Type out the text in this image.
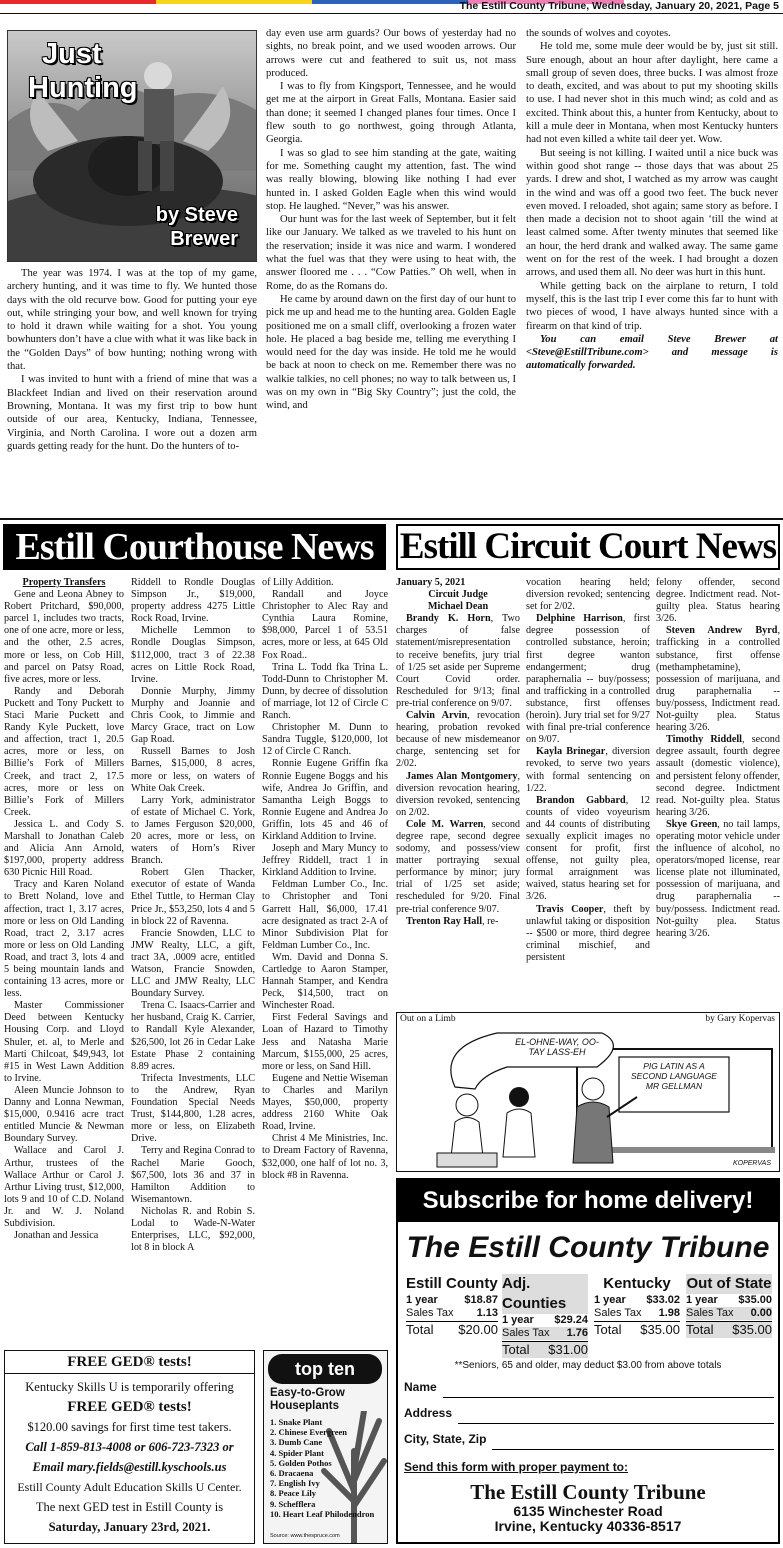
The Estill County Tribune, Wednesday, January 20, 2021, Page 5
Just
Hunting
by Steve
Brewer

The year was 1974. I was at the top of my game, archery hunting, and it was time to fly. We hunted those days with the old recurve bow. Good for putting your eye out, while stringing your bow, and well known for trying to hold it drawn while waiting for a shot. You young bowhunters don’t have a clue with what it was like back in the “Golden Days” of bow hunting; nothing wrong with that.

I was invited to hunt with a friend of mine that was a Blackfeet Indian and lived on their reservation around Browning, Montana. It was my first trip to bow hunt outside of our area, Kentucky, Indiana, Tennessee, Virginia, and North Carolina. I wore out a dozen arm guards getting ready for the hunt. Do the hunters of to-

day even use arm guards? Our bows of yesterday had no sights, no break point, and we used wooden arrows. Our arrows were cut and feathered to suit us, not mass produced.

I was to fly from Kingsport, Tennessee, and he would get me at the airport in Great Falls, Montana. Easier said than done; it seemed I changed planes four times. Once I flew south to go northwest, going through Atlanta, Georgia.

I was so glad to see him standing at the gate, waiting for me. Something caught my attention, fast. The wind was really blowing, blowing like nothing I had ever hunted in. I asked Golden Eagle when this wind would stop. He laughed. “Never,” was his answer.

Our hunt was for the last week of September, but it felt like our January. We talked as we traveled to his hunt on the reservation; inside it was nice and warm. I wondered what the fuel was that they were using to heat with, the answer floored me . . . “Cow Patties.” Oh well, when in Rome, do as the Romans do.

He came by around dawn on the first day of our hunt to pick me up and head me to the hunting area. Golden Eagle positioned me on a small cliff, overlooking a frozen water hole. He placed a bag beside me, telling me everything I would need for the day was inside. He told me he would be back at noon to check on me. Remember there was no walkie talkies, no cell phones; no way to talk between us, I was on my own in “Big Sky Country”; just the cold, the wind, and

the sounds of wolves and coyotes.

He told me, some mule deer would be by, just sit still. Sure enough, about an hour after daylight, here came a small group of seven does, three bucks. I was almost froze to death, excited, and was about to put my shooting skills to use. I had never shot in this much wind; as cold and as excited. Think about this, a hunter from Kentucky, about to kill a mule deer in Montana, when most Kentucky hunters had not even killed a white tail deer yet. Wow.

But seeing is not killing. I waited until a nice buck was within good shot range -- those days that was about 25 yards. I drew and shot, I watched as my arrow was caught in the wind and was off a good two feet. The buck never even moved. I reloaded, shot again; same story as before. I then made a decision not to shoot again ‘till the wind at least calmed some. After twenty minutes that seemed like an hour, the herd drank and walked away. The same game went on for the rest of the week. I had brought a dozen arrows, and used them all. No deer was hurt in this hunt.

While getting back on the airplane to return, I told myself, this is the last trip I ever come this far to hunt with two pieces of wood, I have always hunted since with a firearm on that kind of trip.

You can email Steve Brewer at <Steve@EstillTribune.com> and message is automatically forwarded.

Estill Courthouse News Estill Circuit Court News
Property Transfers

Gene and Leona Abney to Robert Pritchard, $90,000, parcel 1, includes two tracts, one of one acre, more or less, and the other, 2.5 acres, more or less, on Cob Hill, and parcel on Patsy Road, five acres, more or less.

Randy and Deborah Puckett and Tony Puckett to Staci Marie Puckett and Randy Kyle Puckett, love and affection, tract 1, 20.5 acres, more or less, on Billie’s Fork of Millers Creek, and tract 2, 17.5 acres, more or less on Billie’s Fork of Millers Creek.

Jessica L. and Cody S. Marshall to Jonathan Caleb and Alicia Ann Arnold, $197,000, property address 630 Picnic Hill Road.

Tracy and Karen Noland to Brett Noland, love and affection, tract 1, 3.17 acres, more or less on Old Landing Road, tract 2, 3.17 acres more or less on Old Landing Road, and tract 3, lots 4 and 5 being mountain lands and containing 13 acres, more or less.

Master Commissioner Deed between Kentucky Housing Corp. and Lloyd Shuler, et. al, to Merle and Marti Chilcoat, $49,943, lot #15 in West Lawn Addition to Irvine.

Aleen Muncie Johnson to Danny and Lonna Newman, $15,000, 0.9416 acre tract entitled Muncie & Newman Boundary Survey.

Wallace and Carol J. Arthur, trustees of the Wallace Arthur or Carol J. Arthur Living trust, $12,000, lots 9 and 10 of C.D. Noland Jr. and W. J. Noland Subdivision.

Jonathan and Jessica

Riddell to Rondle Douglas Simpson Jr., $19,000, property address 4275 Little Rock Road, Irvine.

Michelle Lemmon to Rondle Douglas Simpson, $112,000, tract 3 of 22.38 acres on Little Rock Road, Irvine.

Donnie Murphy, Jimmy Murphy and Joannie and Chris Cook, to Jimmie and Marcy Grace, tract on Low Gap Road.

Russell Barnes to Josh Barnes, $15,000, 8 acres, more or less, on waters of White Oak Creek.

Larry York, administrator of estate of Michael C. York, to James Ferguson $20,000, 20 acres, more or less, on waters of Horn’s River Branch.

Robert Glen Thacker, executor of estate of Wanda Ethel Tuttle, to Herman Clay Price Jr., $53,250, lots 4 and 5 in block 22 of Ravenna.

Francie Snowden, LLC to JMW Realty, LLC, a gift, tract 3A, .0009 acre, entitled Watson, Francie Snowden, LLC and JMW Realty, LLC Boundary Survey.

Trena C. Isaacs-Carrier and her husband, Craig K. Carrier, to Randall Kyle Alexander, $26,500, lot 26 in Cedar Lake Estate Phase 2 containing 8.89 acres.

Trifecta Investments, LLC to the Andrew, Ryan Foundation Special Needs Trust, $144,800, 1.28 acres, more or less, on Elizabeth Drive.

Terry and Regina Conrad to Rachel Marie Gooch, $67,500, lots 36 and 37 in Hamilton Addition to Wisemantown.

Nicholas R. and Robin S. Lodal to Wade-N-Water Enterprises, LLC, $92,000, lot 8 in block A

of Lilly Addition.

Randall and Joyce Christopher to Alec Ray and Cynthia Laura Romine, $98,000, Parcel 1 of 53.51 acres, more or less, at 645 Old Fox Road..

Trina L. Todd fka Trina L. Todd-Dunn to Christopher M. Dunn, by decree of dissolution of marriage, lot 12 of Circle C Ranch.

Christopher M. Dunn to Sandra Tuggle, $120,000, lot 12 of Circle C Ranch.

Ronnie Eugene Griffin fka Ronnie Eugene Boggs and his wife, Andrea Jo Griffin, and Samantha Leigh Boggs to Ronnie Eugene and Andrea Jo Griffin, lots 45 and 46 of Kirkland Addition to Irvine.

Joseph and Mary Muncy to Jeffrey Riddell, tract 1 in Kirkland Addition to Irvine.

Feldman Lumber Co., Inc. to Christopher and Toni Garrett Hall, $6,000, 17.41 acre designated as tract 2-A of Minor Subdivision Plat for Feldman Lumber Co., Inc.

Wm. David and Donna S. Cartledge to Aaron Stamper, Hannah Stamper, and Kendra Peck, $14,500, tract on Winchester Road.

First Federal Savings and Loan of Hazard to Timothy Jess and Natasha Marie Marcum, $155,000, 25 acres, more or less, on Sand Hill.

Eugene and Nettie Wiseman to Charles and Marilyn Mayes, $50,000, property address 2160 White Oak Road, Irvine.

Christ 4 Me Ministries, Inc. to Dream Factory of Ravenna, $32,000, one half of lot no. 3, block #8 in Ravenna.

January 5, 2021
Circuit Judge
Michael Dean

Brandy K. Horn, Two charges of false statement/misrepresentation to receive benefits, jury trial of 1/25 set aside per Supreme Court Covid order. Rescheduled for 9/13; final pre-trial conference on 9/07.

Calvin Arvin, revocation hearing, probation revoked because of new misdemeanor charge, sentencing set for 2/02.

James Alan Montgomery, diversion revocation hearing, diversion revoked, sentencing on 2/02.

Cole M. Warren, second degree rape, second degree sodomy, and possess/view matter portraying sexual performance by minor; jury trial of 1/25 set aside; rescheduled for 9/20. Final pre-trial conference 9/07.

Trenton Ray Hall, re-

vocation hearing held; diversion revoked; sentencing set for 2/02.

Delphine Harrison, first degree possession of controlled substance, heroin; first degree wanton endangerment; drug paraphernalia -- buy/possess; and trafficking in a controlled substance, first offenses (heroin). Jury trial set for 9/27 with final pre-trial conference on 9/07.

Kayla Brinegar, diversion revoked, to serve two years with formal sentencing on 1/22.

Brandon Gabbard, 12 counts of video voyeurism and 44 counts of distributing sexually explicit images no consent for profit, first offense, not guilty plea, formal arraignment was waived, status hearing set for 3/26.

Travis Cooper, theft by unlawful taking or disposition -- $500 or more, third degree criminal mischief, and persistent

felony offender, second degree. Indictment read. Not-guilty plea. Status hearing 3/26.

Steven Andrew Byrd, trafficking in a controlled substance, first offense (methamphetamine), possession of marijuana, and drug paraphernalia -- buy/possess, Indictment read. Not-guilty plea. Status hearing 3/26.

Timothy Riddell, second degree assault, fourth degree assault (domestic violence), and persistent felony offender, second degree. Indictment read. Not-guilty plea. Status hearing 3/26.

Skye Green, no tail lamps, operating motor vehicle under the influence of alcohol, no operators/moped license, rear license plate not illuminated, possession of marijuana, and drug paraphernalia -- buy/possess. Indictment read. Not-guilty plea. Status hearing 3/26.

Out on a Limb	by Gary Kopervas
EL-OHNE-WAY, OO-TAY LASS-EH
PIG LATIN AS A
SECOND LANGUAGE
MR GELLMAN
KOPERVAS
Subscribe for home delivery!
The Estill County Tribune
Estill County
1 year $18.87
Sales Tax 1.13
Total $20.00
Adj. Counties
1 year $29.24
Sales Tax 1.76
Total $31.00
Kentucky
1 year $33.02
Sales Tax 1.98
Total $35.00
Out of State
1 year $35.00
Sales Tax 0.00
Total $35.00
**Seniors, 65 and older, may deduct $3.00 from above totals
Name
Address
City, State, Zip
Send this form with proper payment to:
The Estill County Tribune
6135 Winchester Road
Irvine, Kentucky 40336-8517
FREE GED® tests!
Kentucky Skills U is temporarily offering
FREE GED® tests!
$120.00 savings for first time test takers.
Call 1-859-813-4008 or 606-723-7323 or
Email mary.fields@estill.kyschools.us
Estill County Adult Education Skills U Center.
The next GED test in Estill County is
Saturday, January 23rd, 2021.
top ten
Easy-to-Grow
Houseplants
1. Snake Plant
2. Chinese Evergreen
3. Dumb Cane
4. Spider Plant
5. Golden Pothos
6. Dracaena
7. English Ivy
8. Peace Lily
9. Schefflera
10. Heart Leaf Philodendron
Source: www.thespruce.com
